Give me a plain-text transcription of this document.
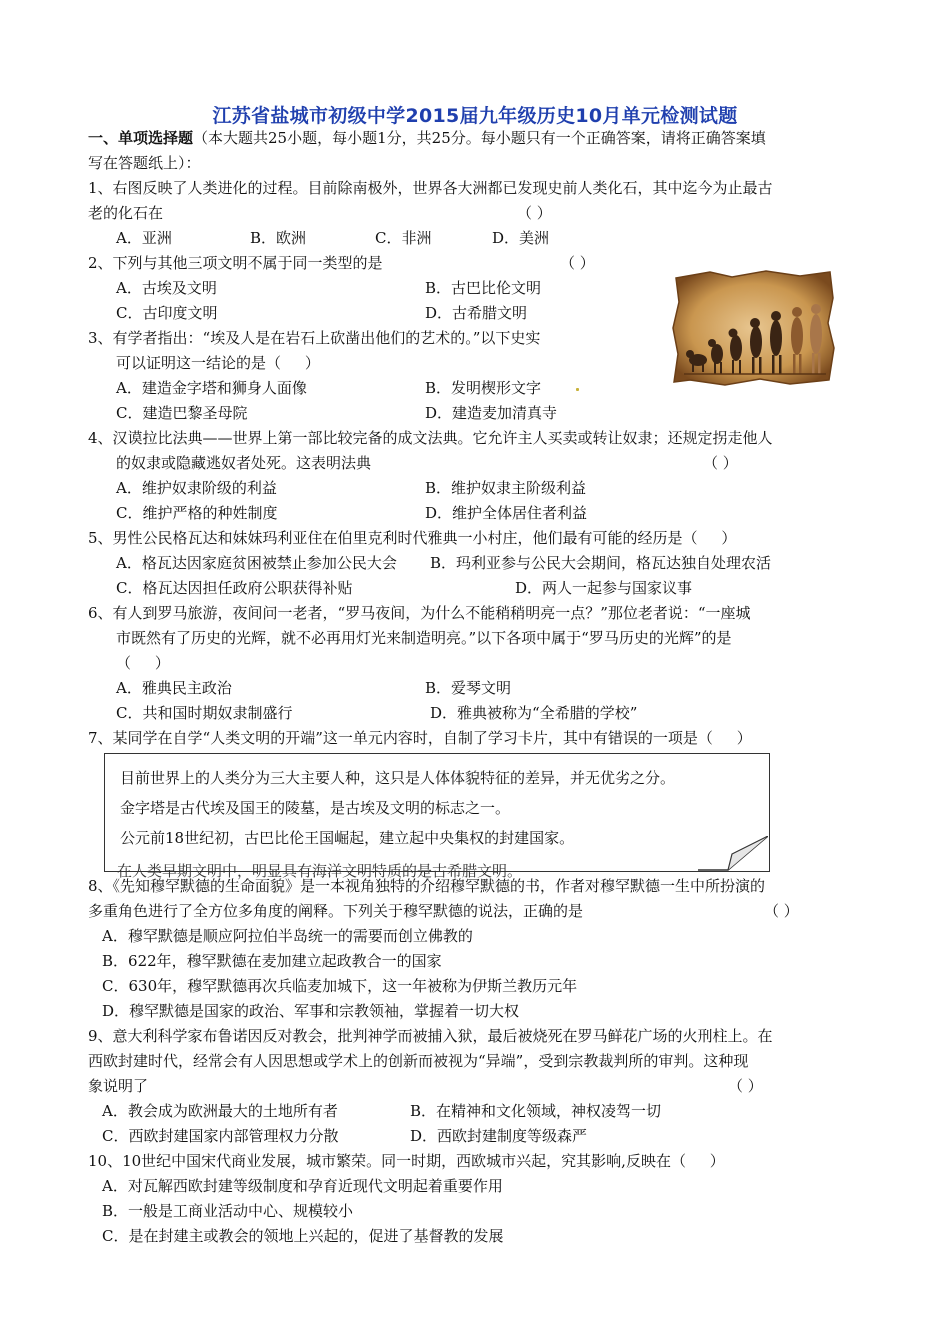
江苏省盐城市初级中学2015届九年级历史10月单元检测试题
一、单项选择题（本大题共25小题，每小题1分，共25分。每小题只有一个正确答案，请将正确答案填
写在答题纸上）：
1、右图反映了人类进化的过程。目前除南极外，世界各大洲都已发现史前人类化石，其中迄今为止最古
老的化石在	（ ）
A．亚洲	B．欧洲	C．非洲	D．美洲
2、下列与其他三项文明不属于同一类型的是	（ ）
A．古埃及文明	B．古巴比伦文明
C．古印度文明	D．古希腊文明
3、有学者指出：“埃及人是在岩石上砍凿出他们的艺术的。”以下史实
可以证明这一结论的是（     ）
A．建造金字塔和狮身人面像	B．发明楔形文字
C．建造巴黎圣母院	D．建造麦加清真寺
4、汉谟拉比法典——世界上第一部比较完备的成文法典。它允许主人买卖或转让奴隶；还规定拐走他人
的奴隶或隐藏逃奴者处死。这表明法典	（ ）
A．维护奴隶阶级的利益	B．维护奴隶主阶级利益
C．维护严格的种姓制度	D．维护全体居住者利益
5、男性公民格瓦达和妹妹玛利亚住在伯里克利时代雅典一小村庄，他们最有可能的经历是（     ）
A．格瓦达因家庭贫困被禁止参加公民大会 B．玛利亚参与公民大会期间，格瓦达独自处理农活
C．格瓦达因担任政府公职获得补贴	D．两人一起参与国家议事
6、有人到罗马旅游，夜间问一老者，“罗马夜间，为什么不能稍稍明亮一点？”那位老者说：“一座城
市既然有了历史的光辉，就不必再用灯光来制造明亮。”以下各项中属于“罗马历史的光辉”的是
（     ）
A．雅典民主政治	B．爱琴文明
C．共和国时期奴隶制盛行	D．雅典被称为“全希腊的学校”
7、某同学在自学“人类文明的开端”这一单元内容时，自制了学习卡片，其中有错误的一项是（     ）
目前世界上的人类分为三大主要人种，这只是人体体貌特征的差异，并无优劣之分。
金字塔是古代埃及国王的陵墓，是古埃及文明的标志之一。
公元前18世纪初，古巴比伦王国崛起，建立起中央集权的封建国家。
在人类早期文明中，明显具有海洋文明特质的是古希腊文明。
8、《先知穆罕默德的生命面貌》是一本视角独特的介绍穆罕默德的书，作者对穆罕默德一生中所扮演的
多重角色进行了全方位多角度的阐释。下列关于穆罕默德的说法，正确的是	（ ）
A．穆罕默德是顺应阿拉伯半岛统一的需要而创立佛教的
B．622年，穆罕默德在麦加建立起政教合一的国家
C．630年，穆罕默德再次兵临麦加城下，这一年被称为伊斯兰教历元年
D．穆罕默德是国家的政治、军事和宗教领袖，掌握着一切大权
9、意大利科学家布鲁诺因反对教会，批判神学而被捕入狱，最后被烧死在罗马鲜花广场的火刑柱上。在
西欧封建时代，经常会有人因思想或学术上的创新而被视为“异端”，受到宗教裁判所的审判。这种现
象说明了	（ ）
A．教会成为欧洲最大的土地所有者	B．在精神和文化领域，神权凌驾一切
C．西欧封建国家内部管理权力分散	D．西欧封建制度等级森严
10、10世纪中国宋代商业发展，城市繁荣。同一时期，西欧城市兴起，究其影响,反映在（     ）
A．对瓦解西欧封建等级制度和孕育近现代文明起着重要作用
B．一般是工商业活动中心、规模较小
C．是在封建主或教会的领地上兴起的，促进了基督教的发展
